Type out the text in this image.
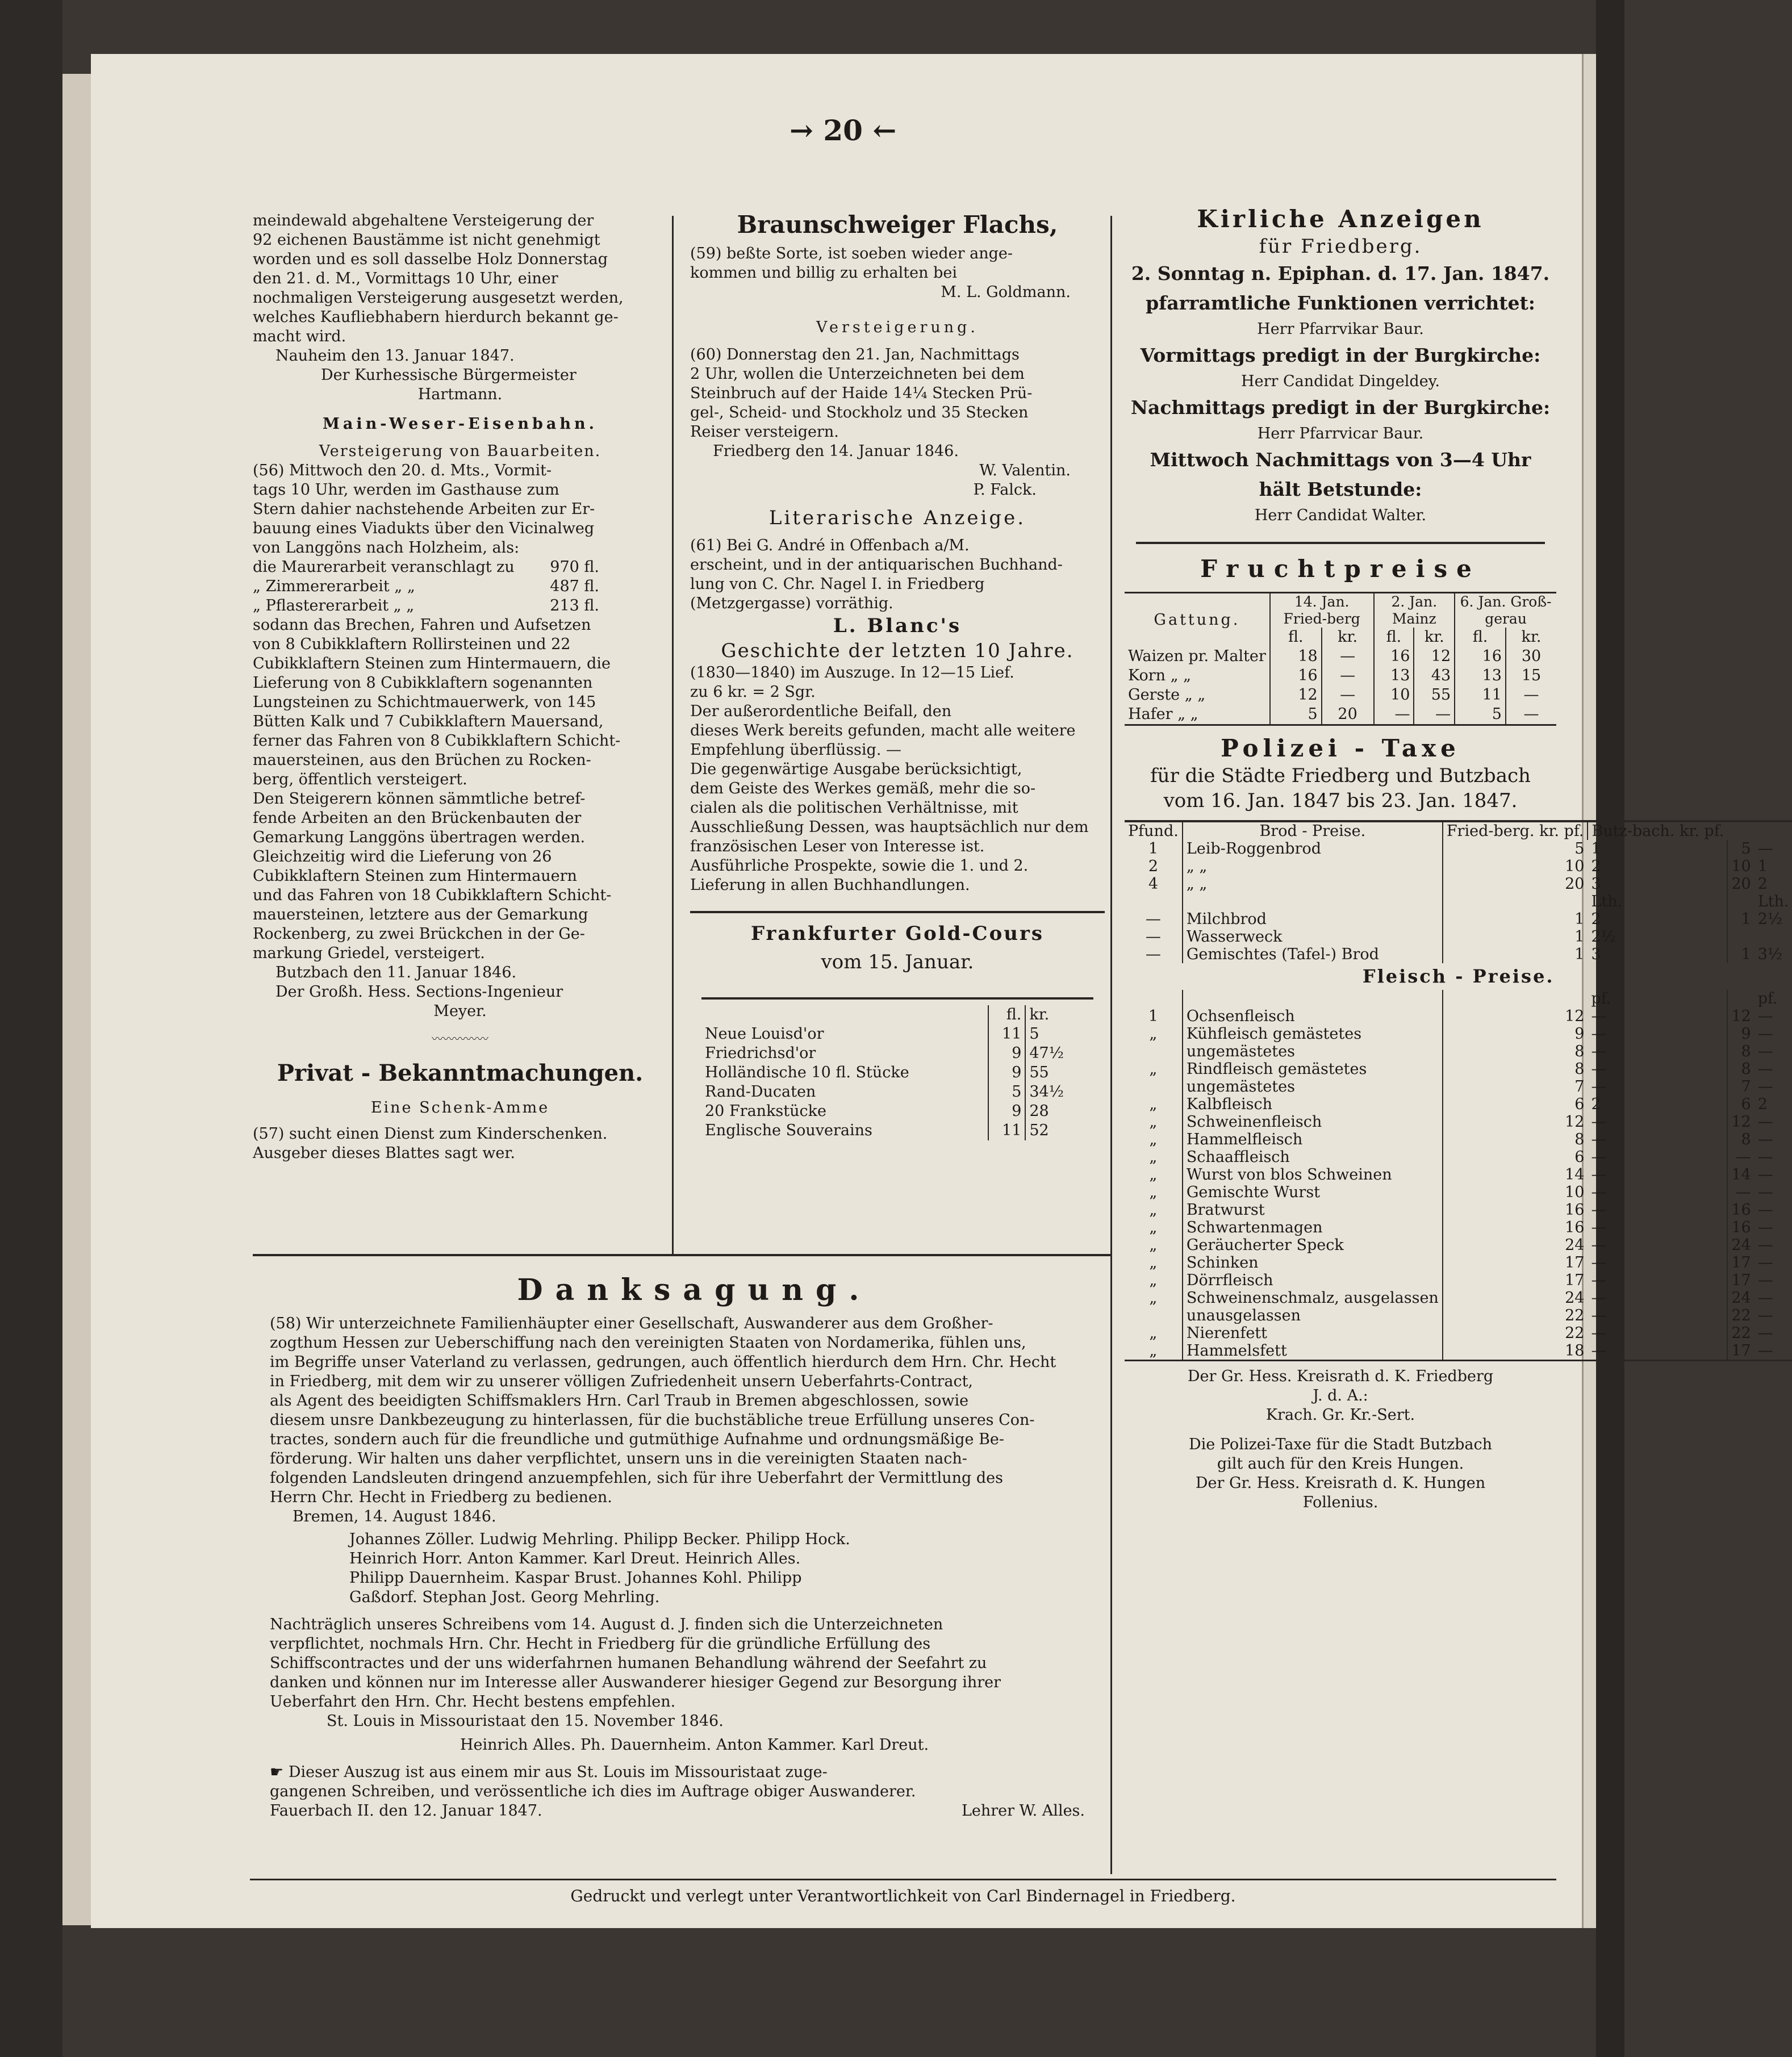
→ 20 ←

meindewald abgehaltene Versteigerung der

92 eichenen Baustämme ist nicht genehmigt

worden und es soll dasselbe Holz Donnerstag

den 21. d. M., Vormittags 10 Uhr, einer

nochmaligen Versteigerung ausgesetzt werden,

welches Kaufliebhabern hierdurch bekannt ge-

macht wird.

Nauheim den 13. Januar 1847.

Der Kurhessische Bürgermeister

Hartmann.

Main-Weser-Eisenbahn.

Versteigerung von Bauarbeiten.

(56) Mittwoch den 20. d. Mts., Vormit-

tags 10 Uhr, werden im Gasthause zum

Stern dahier nachstehende Arbeiten zur Er-

bauung eines Viadukts über den Vicinalweg

von Langgöns nach Holzheim, als:

die Maurerarbeit veranschlagt zu 970 fl.

„ Zimmererarbeit „ „	487 fl.

„ Pflastererarbeit „ „	213 fl.

sodann das Brechen, Fahren und Aufsetzen

von 8 Cubikklaftern Rollirsteinen und 22

Cubikklaftern Steinen zum Hintermauern, die

Lieferung von 8 Cubikklaftern sogenannten

Lungsteinen zu Schichtmauerwerk, von 145

Bütten Kalk und 7 Cubikklaftern Mauersand,

ferner das Fahren von 8 Cubikklaftern Schicht-

mauersteinen, aus den Brüchen zu Rocken-

berg, öffentlich versteigert.

Den Steigerern können sämmtliche betref-

fende Arbeiten an den Brückenbauten der

Gemarkung Langgöns übertragen werden.

Gleichzeitig wird die Lieferung von 26

Cubikklaftern Steinen zum Hintermauern

und das Fahren von 18 Cubikklaftern Schicht-

mauersteinen, letztere aus der Gemarkung

Rockenberg, zu zwei Brückchen in der Ge-

markung Griedel, versteigert.

Butzbach den 11. Januar 1846.

Der Großh. Hess. Sections-Ingenieur

Meyer.

〰〰〰〰〰

Privat - Bekanntmachungen.

Eine Schenk-Amme

(57) sucht einen Dienst zum Kinderschenken.

Ausgeber dieses Blattes sagt wer.

Braunschweiger Flachs,

(59) beßte Sorte, ist soeben wieder ange-

kommen und billig zu erhalten bei

M. L. Goldmann.

Versteigerung.

(60) Donnerstag den 21. Jan, Nachmittags

2 Uhr, wollen die Unterzeichneten bei dem

Steinbruch auf der Haide 14¼ Stecken Prü-

gel-, Scheid- und Stockholz und 35 Stecken

Reiser versteigern.

Friedberg den 14. Januar 1846.

W. Valentin.

P. Falck.

Literarische Anzeige.

(61) Bei G. André in Offenbach a/M.

erscheint, und in der antiquarischen Buchhand-

lung von C. Chr. Nagel I. in Friedberg

(Metzgergasse) vorräthig.

L. Blanc's

Geschichte der letzten 10 Jahre.

(1830—1840) im Auszuge. In 12—15 Lief.

zu 6 kr. = 2 Sgr.

Der außerordentliche Beifall, den

dieses Werk bereits gefunden, macht alle weitere

Empfehlung überflüssig. —

Die gegenwärtige Ausgabe berücksichtigt,

dem Geiste des Werkes gemäß, mehr die so-

cialen als die politischen Verhältnisse, mit

Ausschließung Dessen, was hauptsächlich nur dem

französischen Leser von Interesse ist.

Ausführliche Prospekte, sowie die 1. und 2.

Lieferung in allen Buchhandlungen.

Frankfurter Gold-Cours

vom 15. Januar.

	fl.	kr.
Neue Louisd'or	11	5
Friedrichsd'or	9	47½
Holländische 10 fl. Stücke	9	55
Rand-Ducaten	5	34½
20 Frankstücke	9	28
Englische Souverains	11	52

Kirliche Anzeigen

für Friedberg.

2. Sonntag n. Epiphan. d. 17. Jan. 1847.

pfarramtliche Funktionen verrichtet:

Herr Pfarrvikar Baur.

Vormittags predigt in der Burgkirche:

Herr Candidat Dingeldey.

Nachmittags predigt in der Burgkirche:

Herr Pfarrvicar Baur.

Mittwoch Nachmittags von 3—4 Uhr

hält Betstunde:

Herr Candidat Walter.

Fruchtpreise

Gattung.	14. Jan. Fried-berg		2. Jan. Mainz		6. Jan. Groß-gerau	
	fl.	kr.	fl.	kr.	fl.	kr.
Waizen pr. Malter	18	—	16	12	16	30
Korn „ „	16	—	13	43	13	15
Gerste „ „	12	—	10	55	11	—
Hafer „ „	5	20	—	—	5	—

Polizei - Taxe

für die Städte Friedberg und Butzbach

vom 16. Jan. 1847 bis 23. Jan. 1847.

Pfund.	Brod - Preise.	Fried-berg. kr. pf.	Butz-bach. kr. pf.		
1	Leib-Roggenbrod	5	1	5	—
2	„ „	10	2	10	1
4	„ „	20	3	20	2
			Lth.		Lth.
—	Milchbrod	1	2	1	2½
—	Wasserweck	1	2½		
—	Gemischtes (Tafel-) Brod	1	3	1	3½
Fleisch - Preise.					
			pf.		pf.
1	Ochsenfleisch	12	—	12	—
„	Kühfleisch gemästetes	9	—	9	—
	ungemästetes	8	—	8	—
„	Rindfleisch gemästetes	8	—	8	—
	ungemästetes	7	—	7	—
„	Kalbfleisch	6	2	6	2
„	Schweinenfleisch	12	—	12	—
„	Hammelfleisch	8	—	8	—
„	Schaaffleisch	6	—	—	—
„	Wurst von blos Schweinen	14	—	14	—
„	Gemischte Wurst	10	—	—	—
„	Bratwurst	16	—	16	—
„	Schwartenmagen	16	—	16	—
„	Geräucherter Speck	24	—	24	—
„	Schinken	17	—	17	—
„	Dörrfleisch	17	—	17	—
„	Schweinenschmalz, ausgelassen	24	—	24	—
	unausgelassen	22	—	22	—
„	Nierenfett	22	—	22	—
„	Hammelsfett	18	—	17	—

Der Gr. Hess. Kreisrath d. K. Friedberg

J. d. A.:

Krach. Gr. Kr.-Sert.

Die Polizei-Taxe für die Stadt Butzbach

gilt auch für den Kreis Hungen.

Der Gr. Hess. Kreisrath d. K. Hungen

Follenius.

Danksagung.

(58) Wir unterzeichnete Familienhäupter einer Gesellschaft, Auswanderer aus dem Großher-

zogthum Hessen zur Ueberschiffung nach den vereinigten Staaten von Nordamerika, fühlen uns,

im Begriffe unser Vaterland zu verlassen, gedrungen, auch öffentlich hierdurch dem Hrn. Chr. Hecht

in Friedberg, mit dem wir zu unserer völligen Zufriedenheit unsern Ueberfahrts-Contract,

als Agent des beeidigten Schiffsmaklers Hrn. Carl Traub in Bremen abgeschlossen, sowie

diesem unsre Dankbezeugung zu hinterlassen, für die buchstäbliche treue Erfüllung unseres Con-

tractes, sondern auch für die freundliche und gutmüthige Aufnahme und ordnungsmäßige Be-

förderung. Wir halten uns daher verpflichtet, unsern uns in die vereinigten Staaten nach-

folgenden Landsleuten dringend anzuempfehlen, sich für ihre Ueberfahrt der Vermittlung des

Herrn Chr. Hecht in Friedberg zu bedienen.

Bremen, 14. August 1846.

Johannes Zöller. Ludwig Mehrling. Philipp Becker. Philipp Hock.

Heinrich Horr. Anton Kammer. Karl Dreut. Heinrich Alles.

Philipp Dauernheim. Kaspar Brust. Johannes Kohl. Philipp

Gaßdorf. Stephan Jost. Georg Mehrling.

Nachträglich unseres Schreibens vom 14. August d. J. finden sich die Unterzeichneten

verpflichtet, nochmals Hrn. Chr. Hecht in Friedberg für die gründliche Erfüllung des

Schiffscontractes und der uns widerfahrnen humanen Behandlung während der Seefahrt zu

danken und können nur im Interesse aller Auswanderer hiesiger Gegend zur Besorgung ihrer

Ueberfahrt den Hrn. Chr. Hecht bestens empfehlen.

St. Louis in Missouristaat den 15. November 1846.

Heinrich Alles. Ph. Dauernheim. Anton Kammer. Karl Dreut.

☛ Dieser Auszug ist aus einem mir aus St. Louis im Missouristaat zuge-

gangenen Schreiben, und verössentliche ich dies im Auftrage obiger Auswanderer.

Fauerbach II. den 12. Januar 1847.	Lehrer W. Alles.

Gedruckt und verlegt unter Verantwortlichkeit von Carl Bindernagel in Friedberg.
